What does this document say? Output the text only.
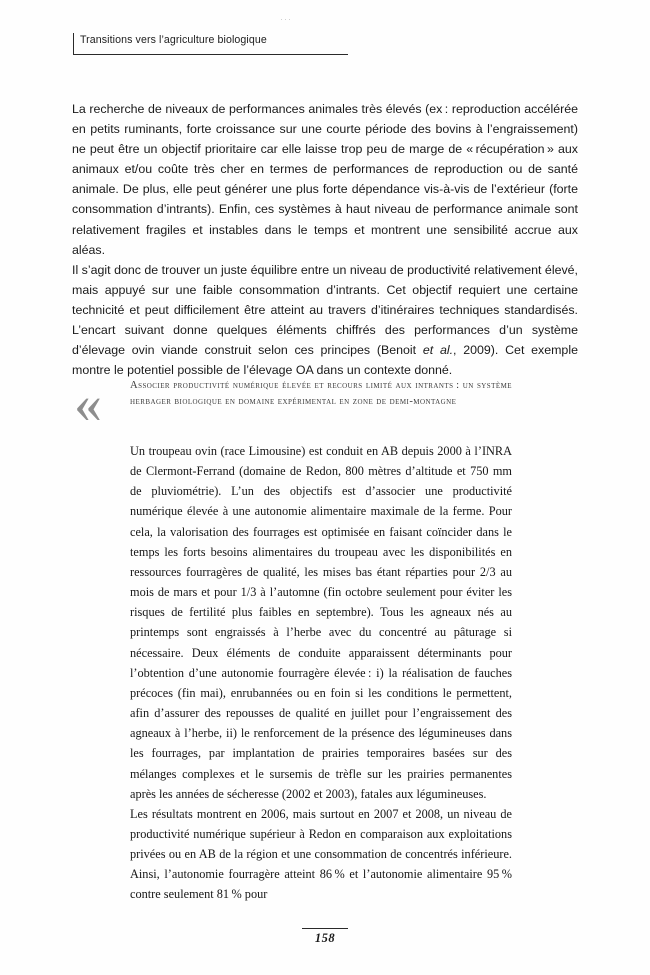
Transitions vers l’agriculture biologique
···

La recherche de niveaux de performances animales très élevés (ex : reproduction accélérée en petits ruminants, forte croissance sur une courte période des bovins à l’engraissement) ne peut être un objectif prioritaire car elle laisse trop peu de marge de « récupération » aux animaux et/ou coûte très cher en termes de performances de reproduction ou de santé animale. De plus, elle peut générer une plus forte dépendance vis-à-vis de l’extérieur (forte consommation d’intrants). Enfin, ces systèmes à haut niveau de performance animale sont relativement fragiles et instables dans le temps et montrent une sensibilité accrue aux aléas.

Il s’agit donc de trouver un juste équilibre entre un niveau de productivité relativement élevé, mais appuyé sur une faible consommation d’intrants. Cet objectif requiert une certaine technicité et peut difficilement être atteint au travers d’itinéraires techniques standardisés. L’encart suivant donne quelques éléments chiffrés des performances d’un système d’élevage ovin viande construit selon ces principes (Benoit et al., 2009). Cet exemple montre le potentiel possible de l’élevage OA dans un contexte donné.

«	Associer productivité numérique élevée et recours limité aux intrants : un système herbager biologique en domaine expérimental en zone de demi-montagne

Un troupeau ovin (race Limousine) est conduit en AB depuis 2000 à l’INRA de Clermont-Ferrand (domaine de Redon, 800 mètres d’altitude et 750 mm de pluviométrie). L’un des objectifs est d’associer une productivité numérique élevée à une autonomie alimentaire maximale de la ferme. Pour cela, la valorisation des fourrages est optimisée en faisant coïncider dans le temps les forts besoins alimentaires du troupeau avec les disponibilités en ressources fourragères de qualité, les mises bas étant réparties pour 2/3 au mois de mars et pour 1/3 à l’automne (fin octobre seulement pour éviter les risques de fertilité plus faibles en septembre). Tous les agneaux nés au printemps sont engraissés à l’herbe avec du concentré au pâturage si nécessaire. Deux éléments de conduite apparaissent déterminants pour l’obtention d’une autonomie fourragère élevée : i) la réalisation de fauches précoces (fin mai), enrubannées ou en foin si les conditions le permettent, afin d’assurer des repousses de qualité en juillet pour l’engraissement des agneaux à l’herbe, ii) le renforcement de la présence des légumineuses dans les fourrages, par implantation de prairies temporaires basées sur des mélanges complexes et le sursemis de trèfle sur les prairies permanentes après les années de sécheresse (2002 et 2003), fatales aux légumineuses.

Les résultats montrent en 2006, mais surtout en 2007 et 2008, un niveau de productivité numérique supérieur à Redon en comparaison aux exploitations privées ou en AB de la région et une consommation de concentrés inférieure. Ainsi, l’autonomie fourragère atteint 86 % et l’autonomie alimentaire 95 % contre seulement 81 % pour

158
